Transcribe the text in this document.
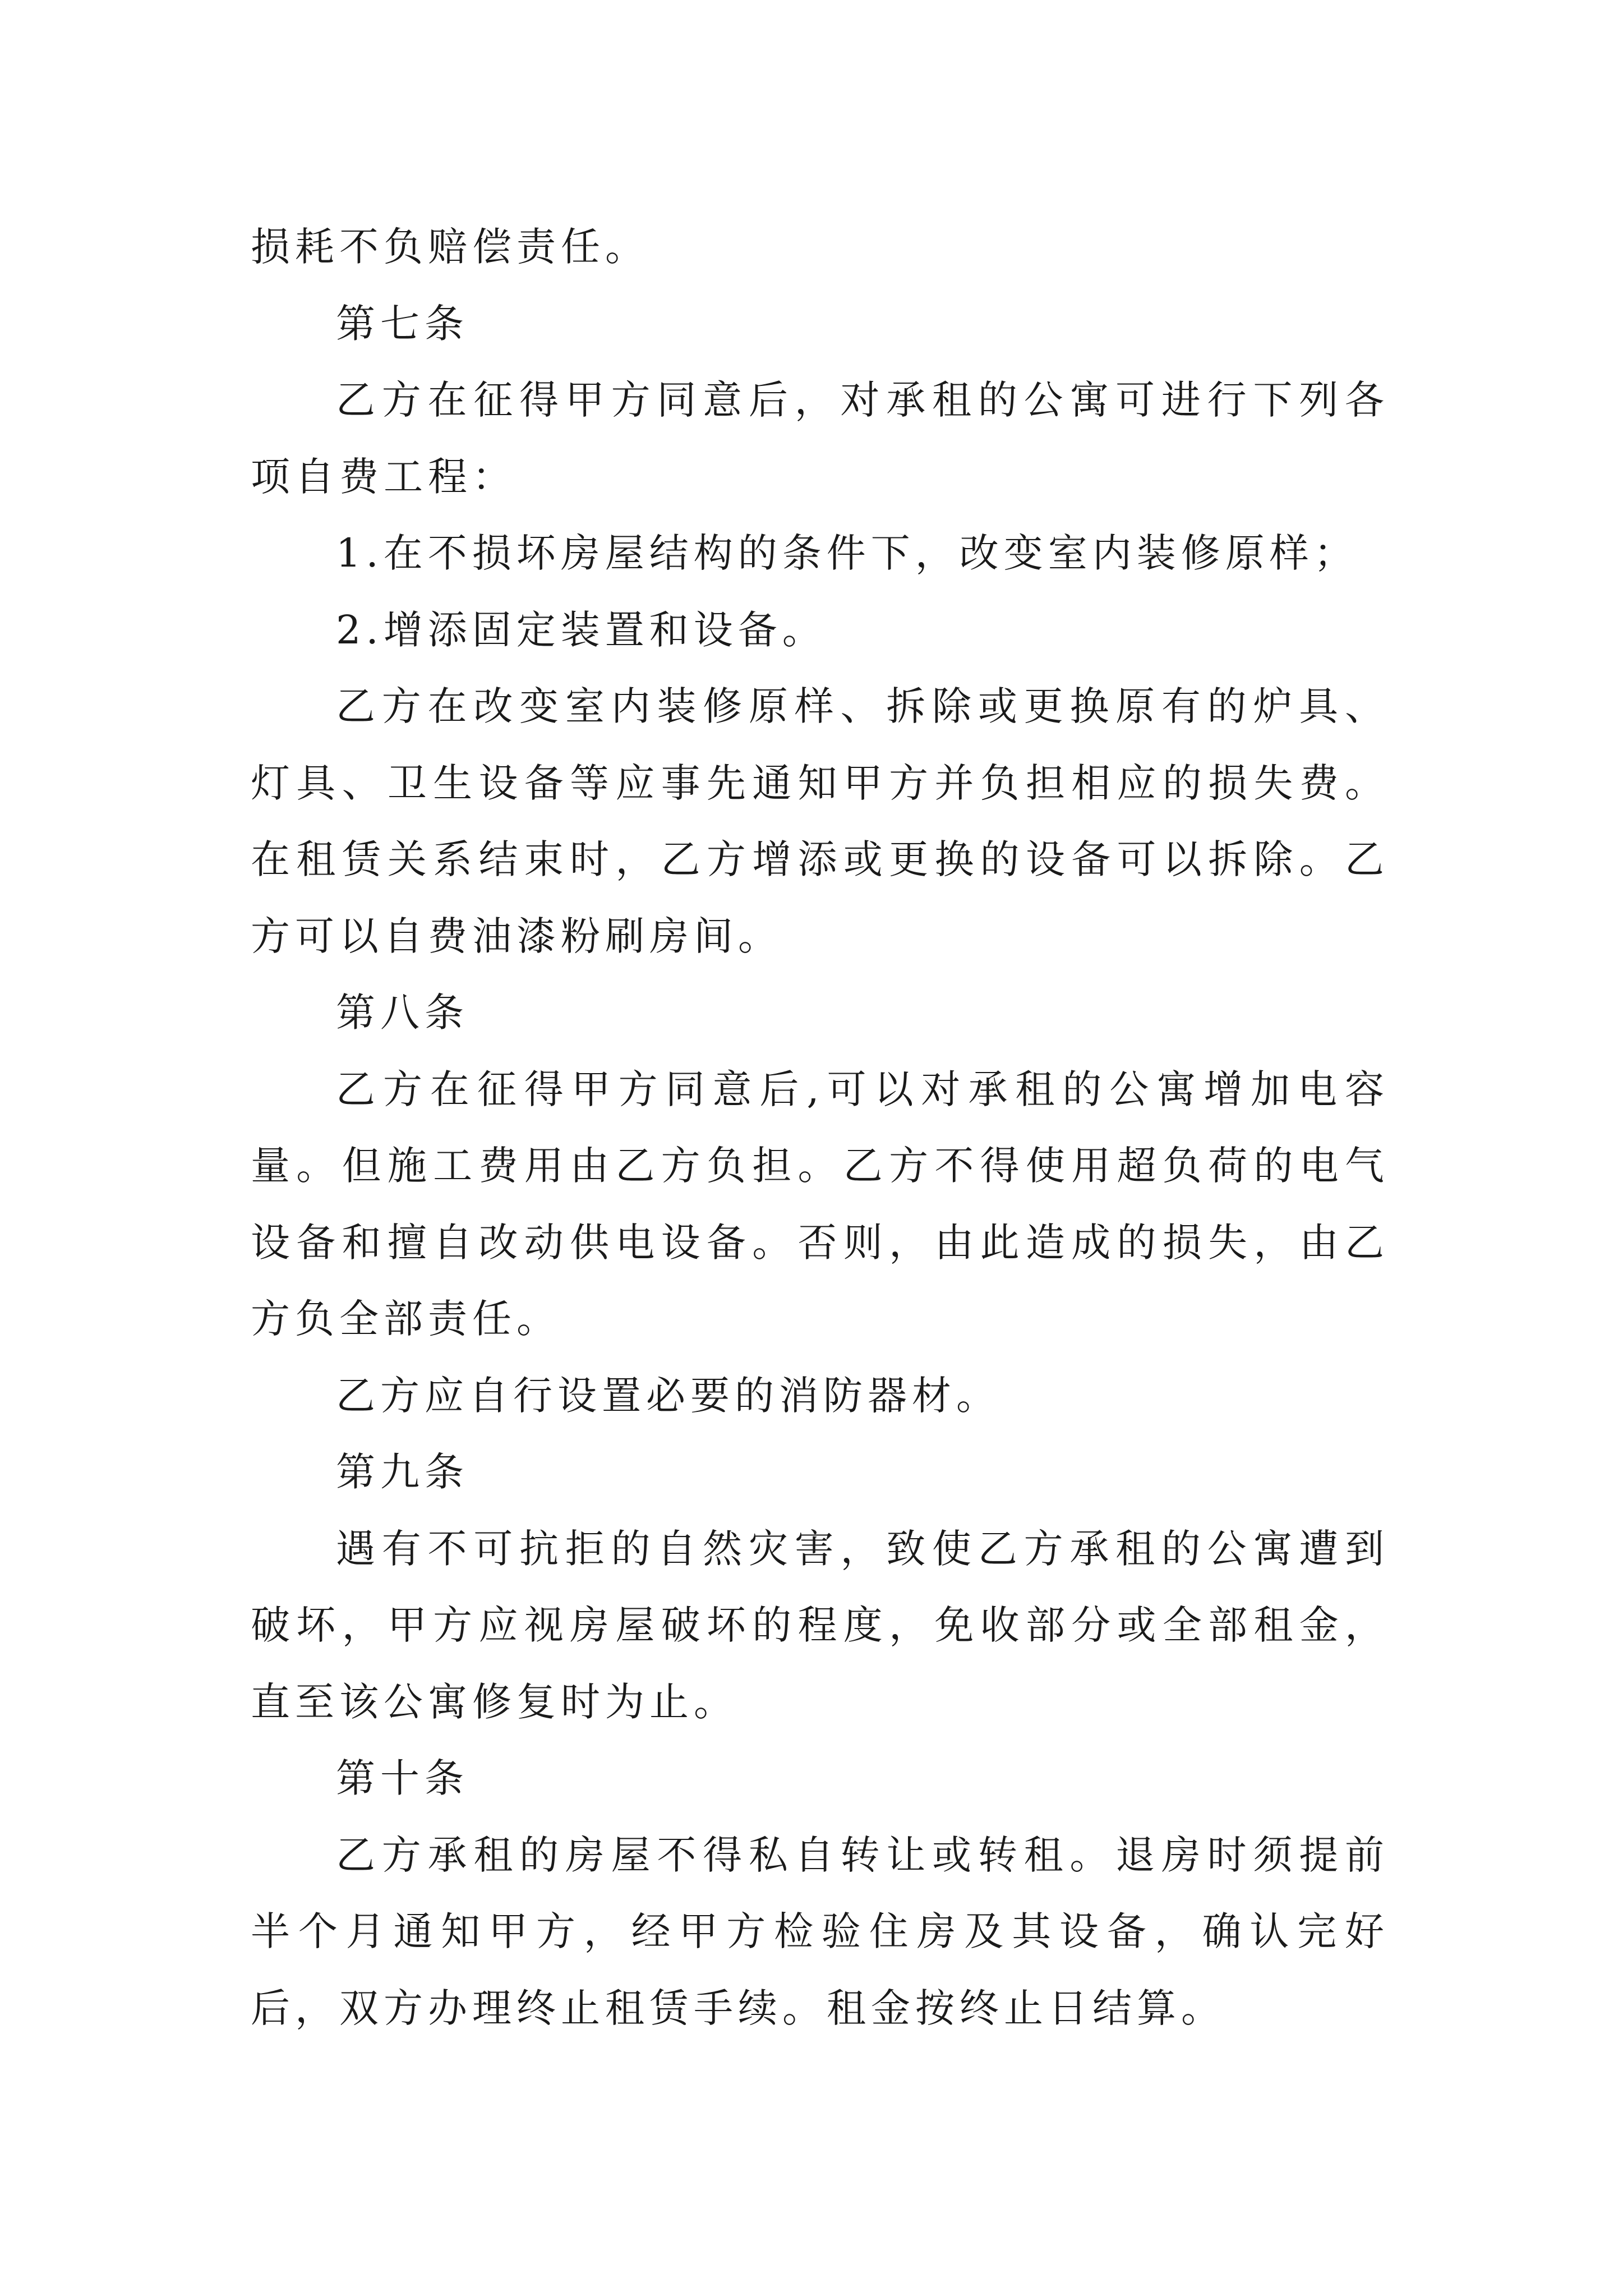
损耗不负赔偿责任。

第七条

乙方在征得甲方同意后，对承租的公寓可进行下列各项自费工程：

1.在不损坏房屋结构的条件下，改变室内装修原样；

2.增添固定装置和设备。

乙方在改变室内装修原样、拆除或更换原有的炉具、灯具、卫生设备等应事先通知甲方并负担相应的损失费。在租赁关系结束时，乙方增添或更换的设备可以拆除。乙方可以自费油漆粉刷房间。

第八条

乙方在征得甲方同意后,可以对承租的公寓增加电容量。但施工费用由乙方负担。乙方不得使用超负荷的电气设备和擅自改动供电设备。否则，由此造成的损失，由乙方负全部责任。

乙方应自行设置必要的消防器材。

第九条

遇有不可抗拒的自然灾害，致使乙方承租的公寓遭到破坏，甲方应视房屋破坏的程度，免收部分或全部租金，直至该公寓修复时为止。

第十条

乙方承租的房屋不得私自转让或转租。退房时须提前半个月通知甲方，经甲方检验住房及其设备，确认完好后，双方办理终止租赁手续。租金按终止日结算。
